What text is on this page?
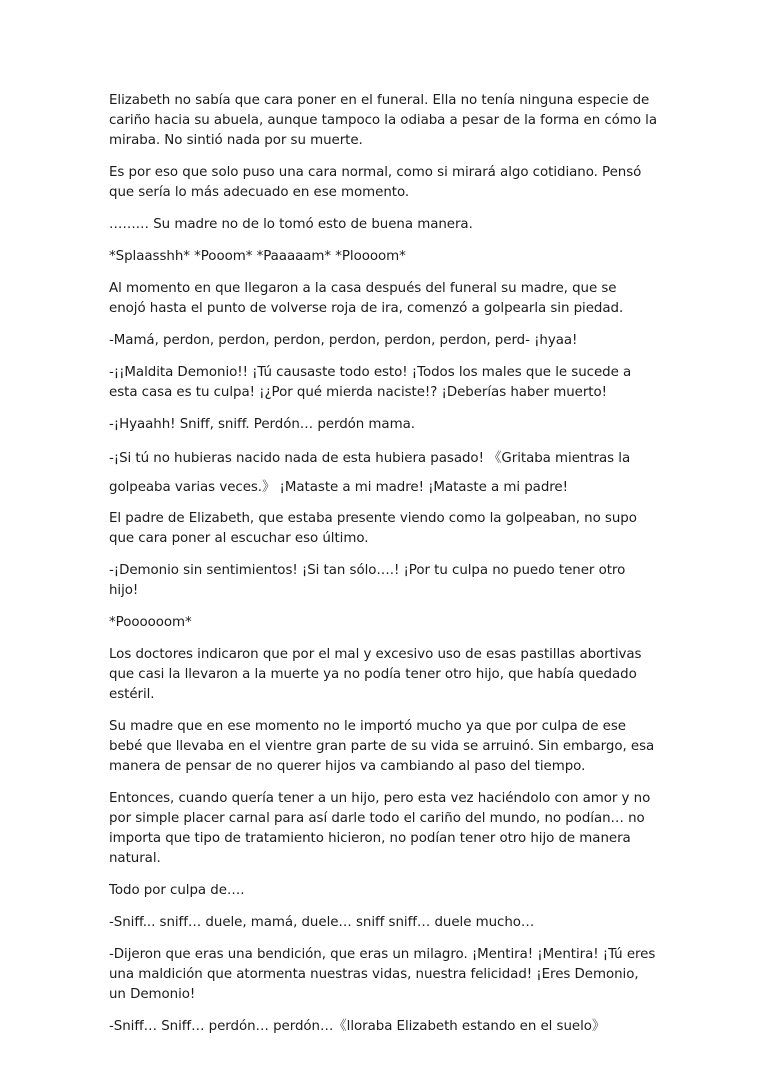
Elizabeth no sabía que cara poner en el funeral. Ella no tenía ninguna especie de cariño hacia su abuela, aunque tampoco la odiaba a pesar de la forma en cómo la miraba. No sintió nada por su muerte.

Es por eso que solo puso una cara normal, como si mirará algo cotidiano. Pensó que sería lo más adecuado en ese momento.

……… Su madre no de lo tomó esto de buena manera.

*Splaasshh* *Pooom* *Paaaaam* *Ploooom*

Al momento en que llegaron a la casa después del funeral su madre, que se enojó hasta el punto de volverse roja de ira, comenzó a golpearla sin piedad.

-Mamá, perdon, perdon, perdon, perdon, perdon, perdon, perd- ¡hyaa!

-¡¡Maldita Demonio!! ¡Tú causaste todo esto! ¡Todos los males que le sucede a esta casa es tu culpa! ¡¿Por qué mierda naciste!? ¡Deberías haber muerto!

-¡Hyaahh! Sniff, sniff. Perdón… perdón mama.

-¡Si tú no hubieras nacido nada de esta hubiera pasado! 《Gritaba mientras la golpeaba varias veces.》 ¡Mataste a mi madre! ¡Mataste a mi padre!

El padre de Elizabeth, que estaba presente viendo como la golpeaban, no supo que cara poner al escuchar eso último.

-¡Demonio sin sentimientos! ¡Si tan sólo….! ¡Por tu culpa no puedo tener otro hijo!

*Poooooom*

Los doctores indicaron que por el mal y excesivo uso de esas pastillas abortivas que casi la llevaron a la muerte ya no podía tener otro hijo, que había quedado estéril.

Su madre que en ese momento no le importó mucho ya que por culpa de ese bebé que llevaba en el vientre gran parte de su vida se arruinó. Sin embargo, esa manera de pensar de no querer hijos va cambiando al paso del tiempo.

Entonces, cuando quería tener a un hijo, pero esta vez haciéndolo con amor y no por simple placer carnal para así darle todo el cariño del mundo, no podían… no importa que tipo de tratamiento hicieron, no podían tener otro hijo de manera natural.

Todo por culpa de….

-Sniff... sniff… duele, mamá, duele… sniff sniff… duele mucho…

-Dijeron que eras una bendición, que eras un milagro. ¡Mentira! ¡Mentira! ¡Tú eres una maldición que atormenta nuestras vidas, nuestra felicidad! ¡Eres Demonio, un Demonio!

-Sniff… Sniff… perdón… perdón…《lloraba Elizabeth estando en el suelo》
